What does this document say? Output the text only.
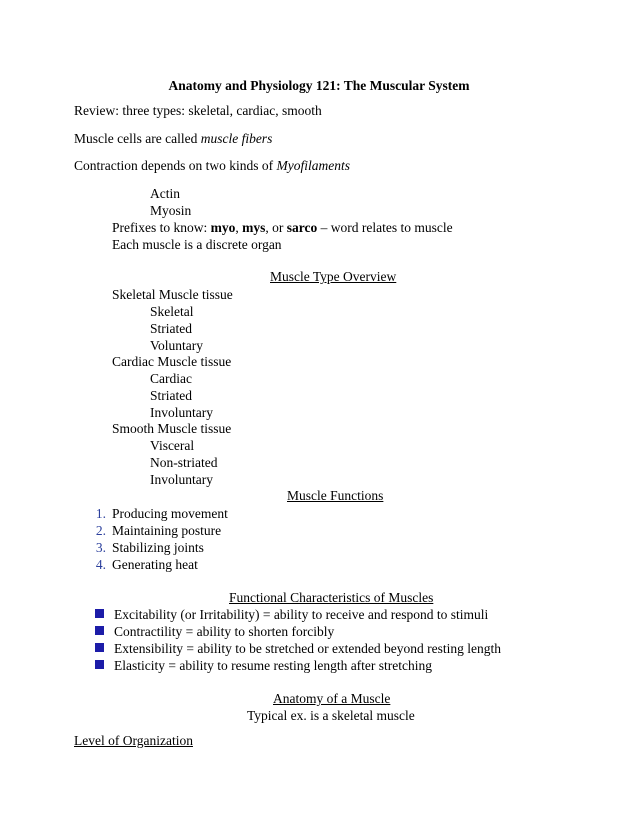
Anatomy and Physiology 121: The Muscular System
Review: three types: skeletal, cardiac, smooth
Muscle cells are called muscle fibers
Contraction depends on two kinds of Myofilaments
Actin
Myosin
Prefixes to know: myo, mys, or sarco – word relates to muscle
Each muscle is a discrete organ
Muscle Type Overview
Skeletal Muscle tissue
Skeletal
Striated
Voluntary
Cardiac Muscle tissue
Cardiac
Striated
Involuntary
Smooth Muscle tissue
Visceral
Non-striated
Involuntary
Muscle Functions
1. Producing movement
2. Maintaining posture
3. Stabilizing joints
4. Generating heat
Functional Characteristics of Muscles
Excitability (or Irritability) = ability to receive and respond to stimuli
Contractility = ability to shorten forcibly
Extensibility = ability to be stretched or extended beyond resting length
Elasticity = ability to resume resting length after stretching
Anatomy of a Muscle
Typical ex. is a skeletal muscle
Level of Organization
